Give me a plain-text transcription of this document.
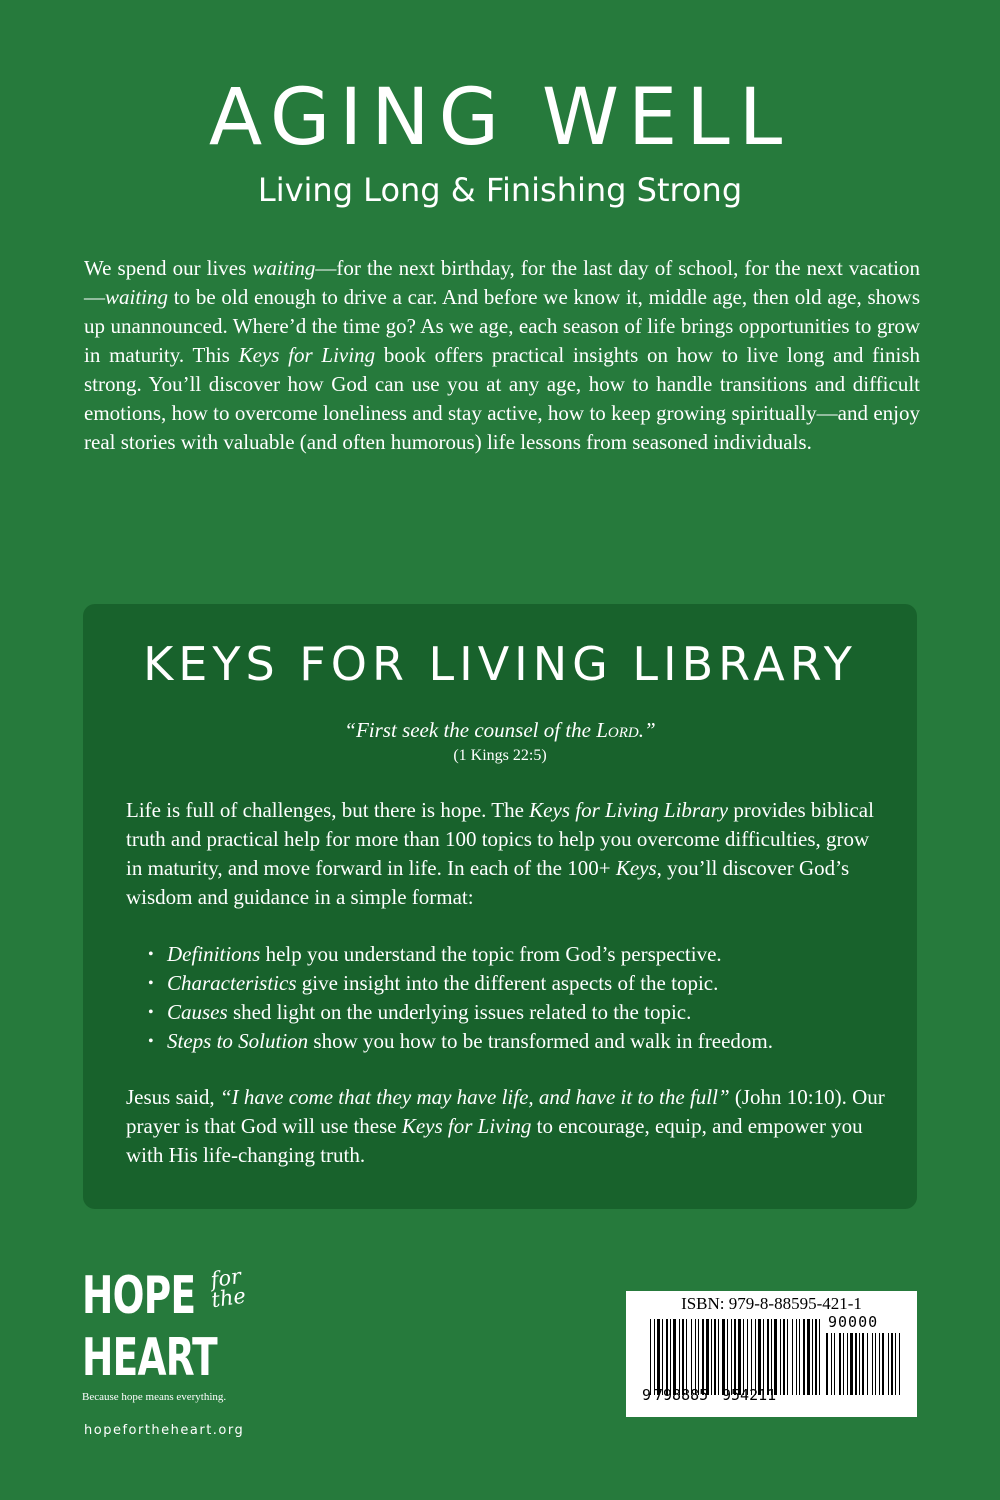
AGING WELL
Living Long & Finishing Strong

We spend our lives waiting—for the next birthday, for the last day of school, for the next vacation—waiting to be old enough to drive a car. And before we know it, middle age, then old age, shows up unannounced. Where’d the time go? As we age, each season of life brings opportunities to grow in maturity. This Keys for Living book offers practical insights on how to live long and finish strong. You’ll discover how God can use you at any age, how to handle transitions and difficult emotions, how to overcome loneliness and stay active, how to keep growing spiritually—and enjoy real stories with valuable (and often humorous) life lessons from seasoned individuals.

KEYS FOR LIVING LIBRARY
“First seek the counsel of the Lord.”
(1 Kings 22:5)

Life is full of challenges, but there is hope. The Keys for Living Library provides biblical truth and practical help for more than 100 topics to help you overcome difficulties, grow in maturity, and move forward in life. In each of the 100+ Keys, you’ll discover God’s wisdom and guidance in a simple format:

• Definitions help you understand the topic from God’s perspective.
• Characteristics give insight into the different aspects of the topic.
• Causes shed light on the underlying issues related to the topic.
• Steps to Solution show you how to be transformed and walk in freedom.

Jesus said, “I have come that they may have life, and have it to the full” (John 10:10). Our prayer is that God will use these Keys for Living to encourage, equip, and empower you with His life-changing truth.

HOPE for
the
HEART
Because hope means everything.
hopefortheheart.org
ISBN: 979-8-88595-421-1
90000
9 798885 954211
